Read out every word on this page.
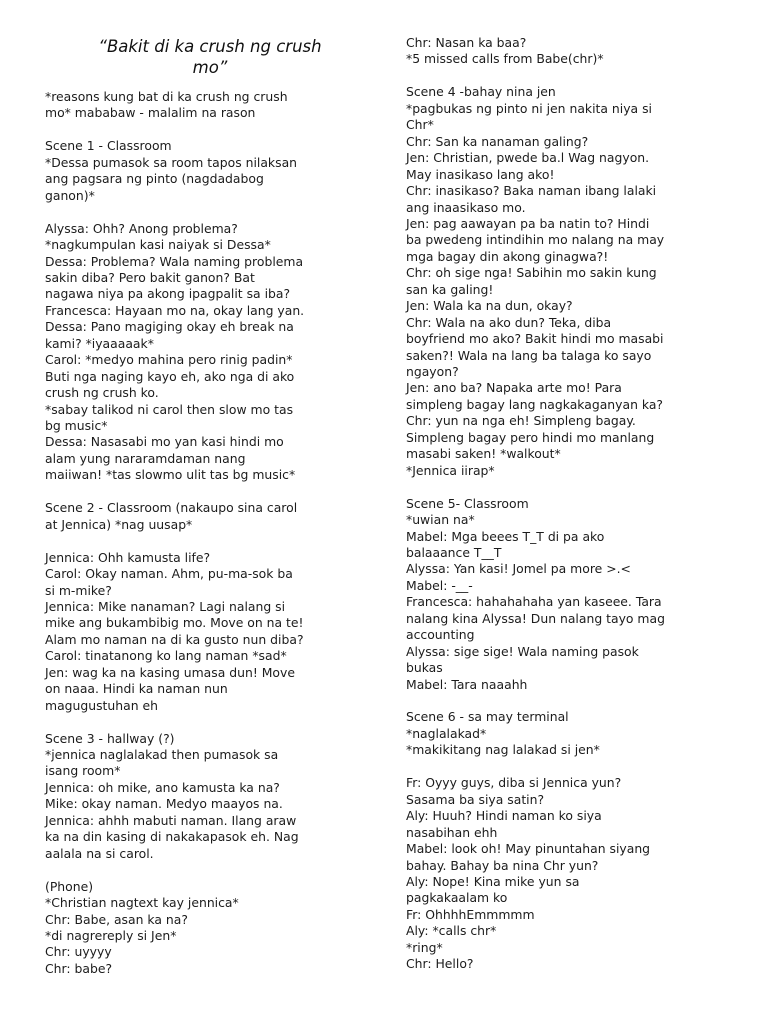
“Bakit di ka crush ng crush
mo”
*reasons kung bat di ka crush ng crush
mo* mababaw - malalim na rason
Scene 1 - Classroom
*Dessa pumasok sa room tapos nilaksan
ang pagsara ng pinto (nagdadabog
ganon)*
Alyssa: Ohh? Anong problema?
*nagkumpulan kasi naiyak si Dessa*
Dessa: Problema? Wala naming problema
sakin diba? Pero bakit ganon? Bat
nagawa niya pa akong ipagpalit sa iba?
Francesca: Hayaan mo na, okay lang yan.
Dessa: Pano magiging okay eh break na
kami? *iyaaaaak*
Carol: *medyo mahina pero rinig padin*
Buti nga naging kayo eh, ako nga di ako
crush ng crush ko.
*sabay talikod ni carol then slow mo tas
bg music*
Dessa: Nasasabi mo yan kasi hindi mo
alam yung nararamdaman nang
maiiwan! *tas slowmo ulit tas bg music*
Scene 2 - Classroom (nakaupo sina carol
at Jennica) *nag uusap*
Jennica: Ohh kamusta life?
Carol: Okay naman. Ahm, pu-ma-sok ba
si m-mike?
Jennica: Mike nanaman? Lagi nalang si
mike ang bukambibig mo. Move on na te!
Alam mo naman na di ka gusto nun diba?
Carol: tinatanong ko lang naman *sad*
Jen: wag ka na kasing umasa dun! Move
on naaa. Hindi ka naman nun
magugustuhan eh
Scene 3 - hallway (?)
*jennica naglalakad then pumasok sa
isang room*
Jennica: oh mike, ano kamusta ka na?
Mike: okay naman. Medyo maayos na.
Jennica: ahhh mabuti naman. Ilang araw
ka na din kasing di nakakapasok eh. Nag
aalala na si carol.
(Phone)
*Christian nagtext kay jennica*
Chr: Babe, asan ka na?
*di nagrereply si Jen*
Chr: uyyyy
Chr: babe?
Chr: Nasan ka baa?
*5 missed calls from Babe(chr)*
Scene 4 -bahay nina jen
*pagbukas ng pinto ni jen nakita niya si
Chr*
Chr: San ka nanaman galing?
Jen: Christian, pwede ba.l Wag nagyon.
May inasikaso lang ako!
Chr: inasikaso? Baka naman ibang lalaki
ang inaasikaso mo.
Jen: pag aawayan pa ba natin to? Hindi
ba pwedeng intindihin mo nalang na may
mga bagay din akong ginagwa?!
Chr: oh sige nga! Sabihin mo sakin kung
san ka galing!
Jen: Wala ka na dun, okay?
Chr: Wala na ako dun? Teka, diba
boyfriend mo ako? Bakit hindi mo masabi
saken?! Wala na lang ba talaga ko sayo
ngayon?
Jen: ano ba? Napaka arte mo! Para
simpleng bagay lang nagkakaganyan ka?
Chr: yun na nga eh! Simpleng bagay.
Simpleng bagay pero hindi mo manlang
masabi saken! *walkout*
*Jennica iirap*
Scene 5- Classroom
*uwian na*
Mabel: Mga beees T_T di pa ako
balaaance T__T
Alyssa: Yan kasi! Jomel pa more >.<
Mabel: -__-
Francesca: hahahahaha yan kaseee. Tara
nalang kina Alyssa! Dun nalang tayo mag
accounting
Alyssa: sige sige! Wala naming pasok
bukas
Mabel: Tara naaahh
Scene 6 - sa may terminal
*naglalakad*
*makikitang nag lalakad si jen*
Fr: Oyyy guys, diba si Jennica yun?
Sasama ba siya satin?
Aly: Huuh? Hindi naman ko siya
nasabihan ehh
Mabel: look oh! May pinuntahan siyang
bahay. Bahay ba nina Chr yun?
Aly: Nope! Kina mike yun sa
pagkakaalam ko
Fr: OhhhhEmmmmm
Aly: *calls chr*
*ring*
Chr: Hello?
